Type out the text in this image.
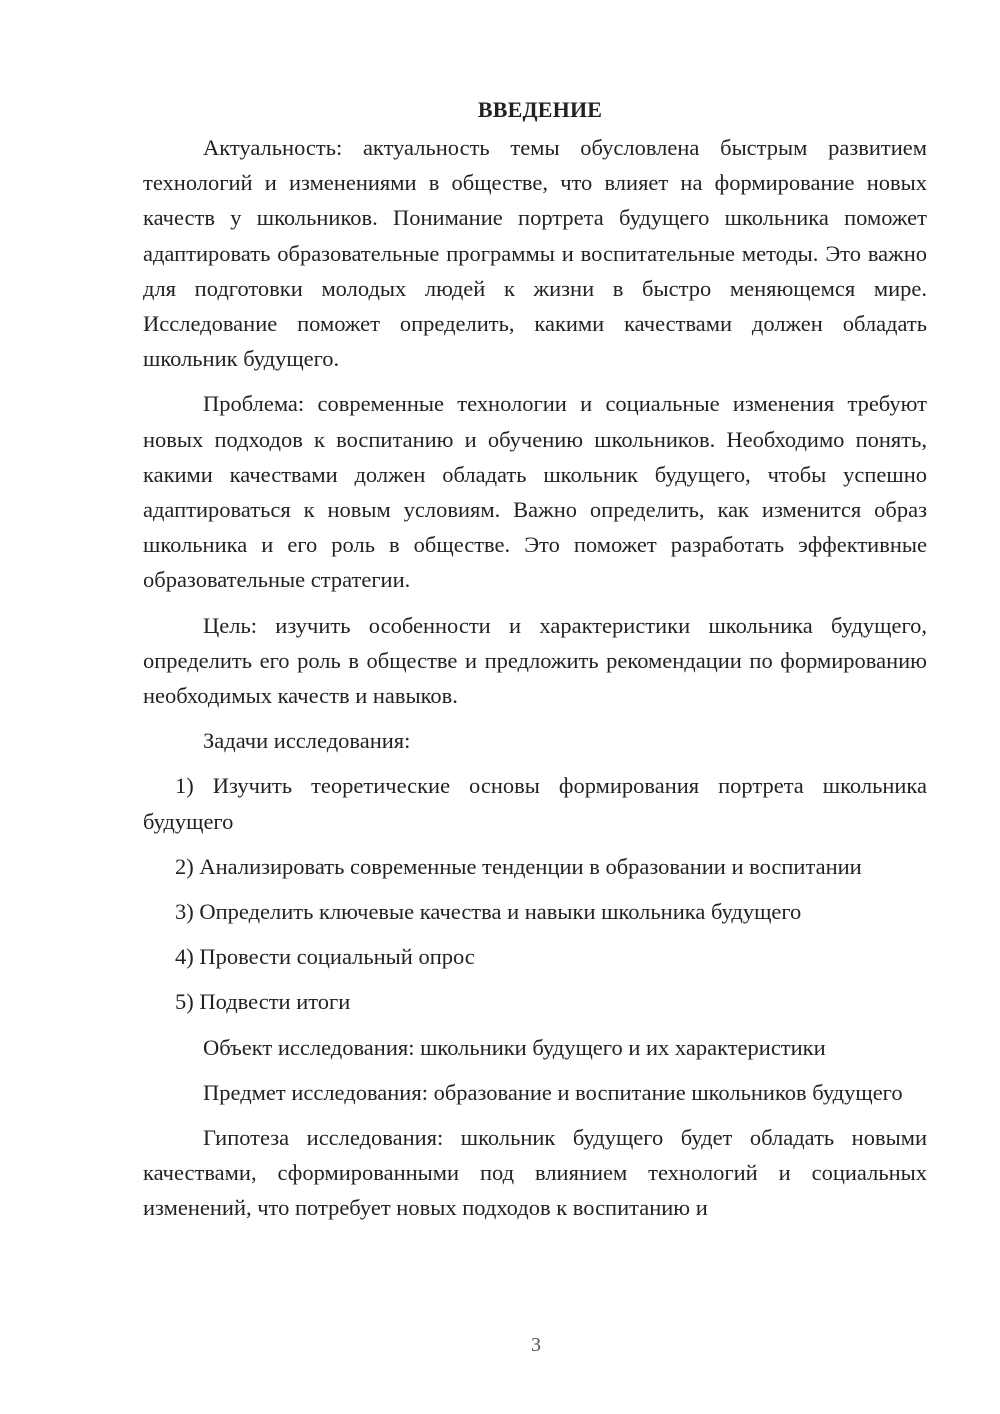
ВВЕДЕНИЕ

Актуальность: актуальность темы обусловлена быстрым развитием технологий и изменениями в обществе, что влияет на формирование новых качеств у школьников. Понимание портрета будущего школьника поможет адаптировать образовательные программы и воспитательные методы. Это важно для подготовки молодых людей к жизни в быстро меняющемся мире. Исследование поможет определить, какими качествами должен обладать школьник будущего.

Проблема: современные технологии и социальные изменения требуют новых подходов к воспитанию и обучению школьников. Необходимо понять, какими качествами должен обладать школьник будущего, чтобы успешно адаптироваться к новым условиям. Важно определить, как изменится образ школьника и его роль в обществе. Это поможет разработать эффективные образовательные стратегии.

Цель: изучить особенности и характеристики школьника будущего, определить его роль в обществе и предложить рекомендации по формированию необходимых качеств и навыков.

Задачи исследования:

1) Изучить теоретические основы формирования портрета школьника будущего

2) Анализировать современные тенденции в образовании и воспитании

3) Определить ключевые качества и навыки школьника будущего

4) Провести социальный опрос

5) Подвести итоги

Объект исследования: школьники будущего и их характеристики

Предмет исследования: образование и воспитание школьников будущего

Гипотеза исследования: школьник будущего будет обладать новыми качествами, сформированными под влиянием технологий и социальных изменений, что потребует новых подходов к воспитанию и

3
